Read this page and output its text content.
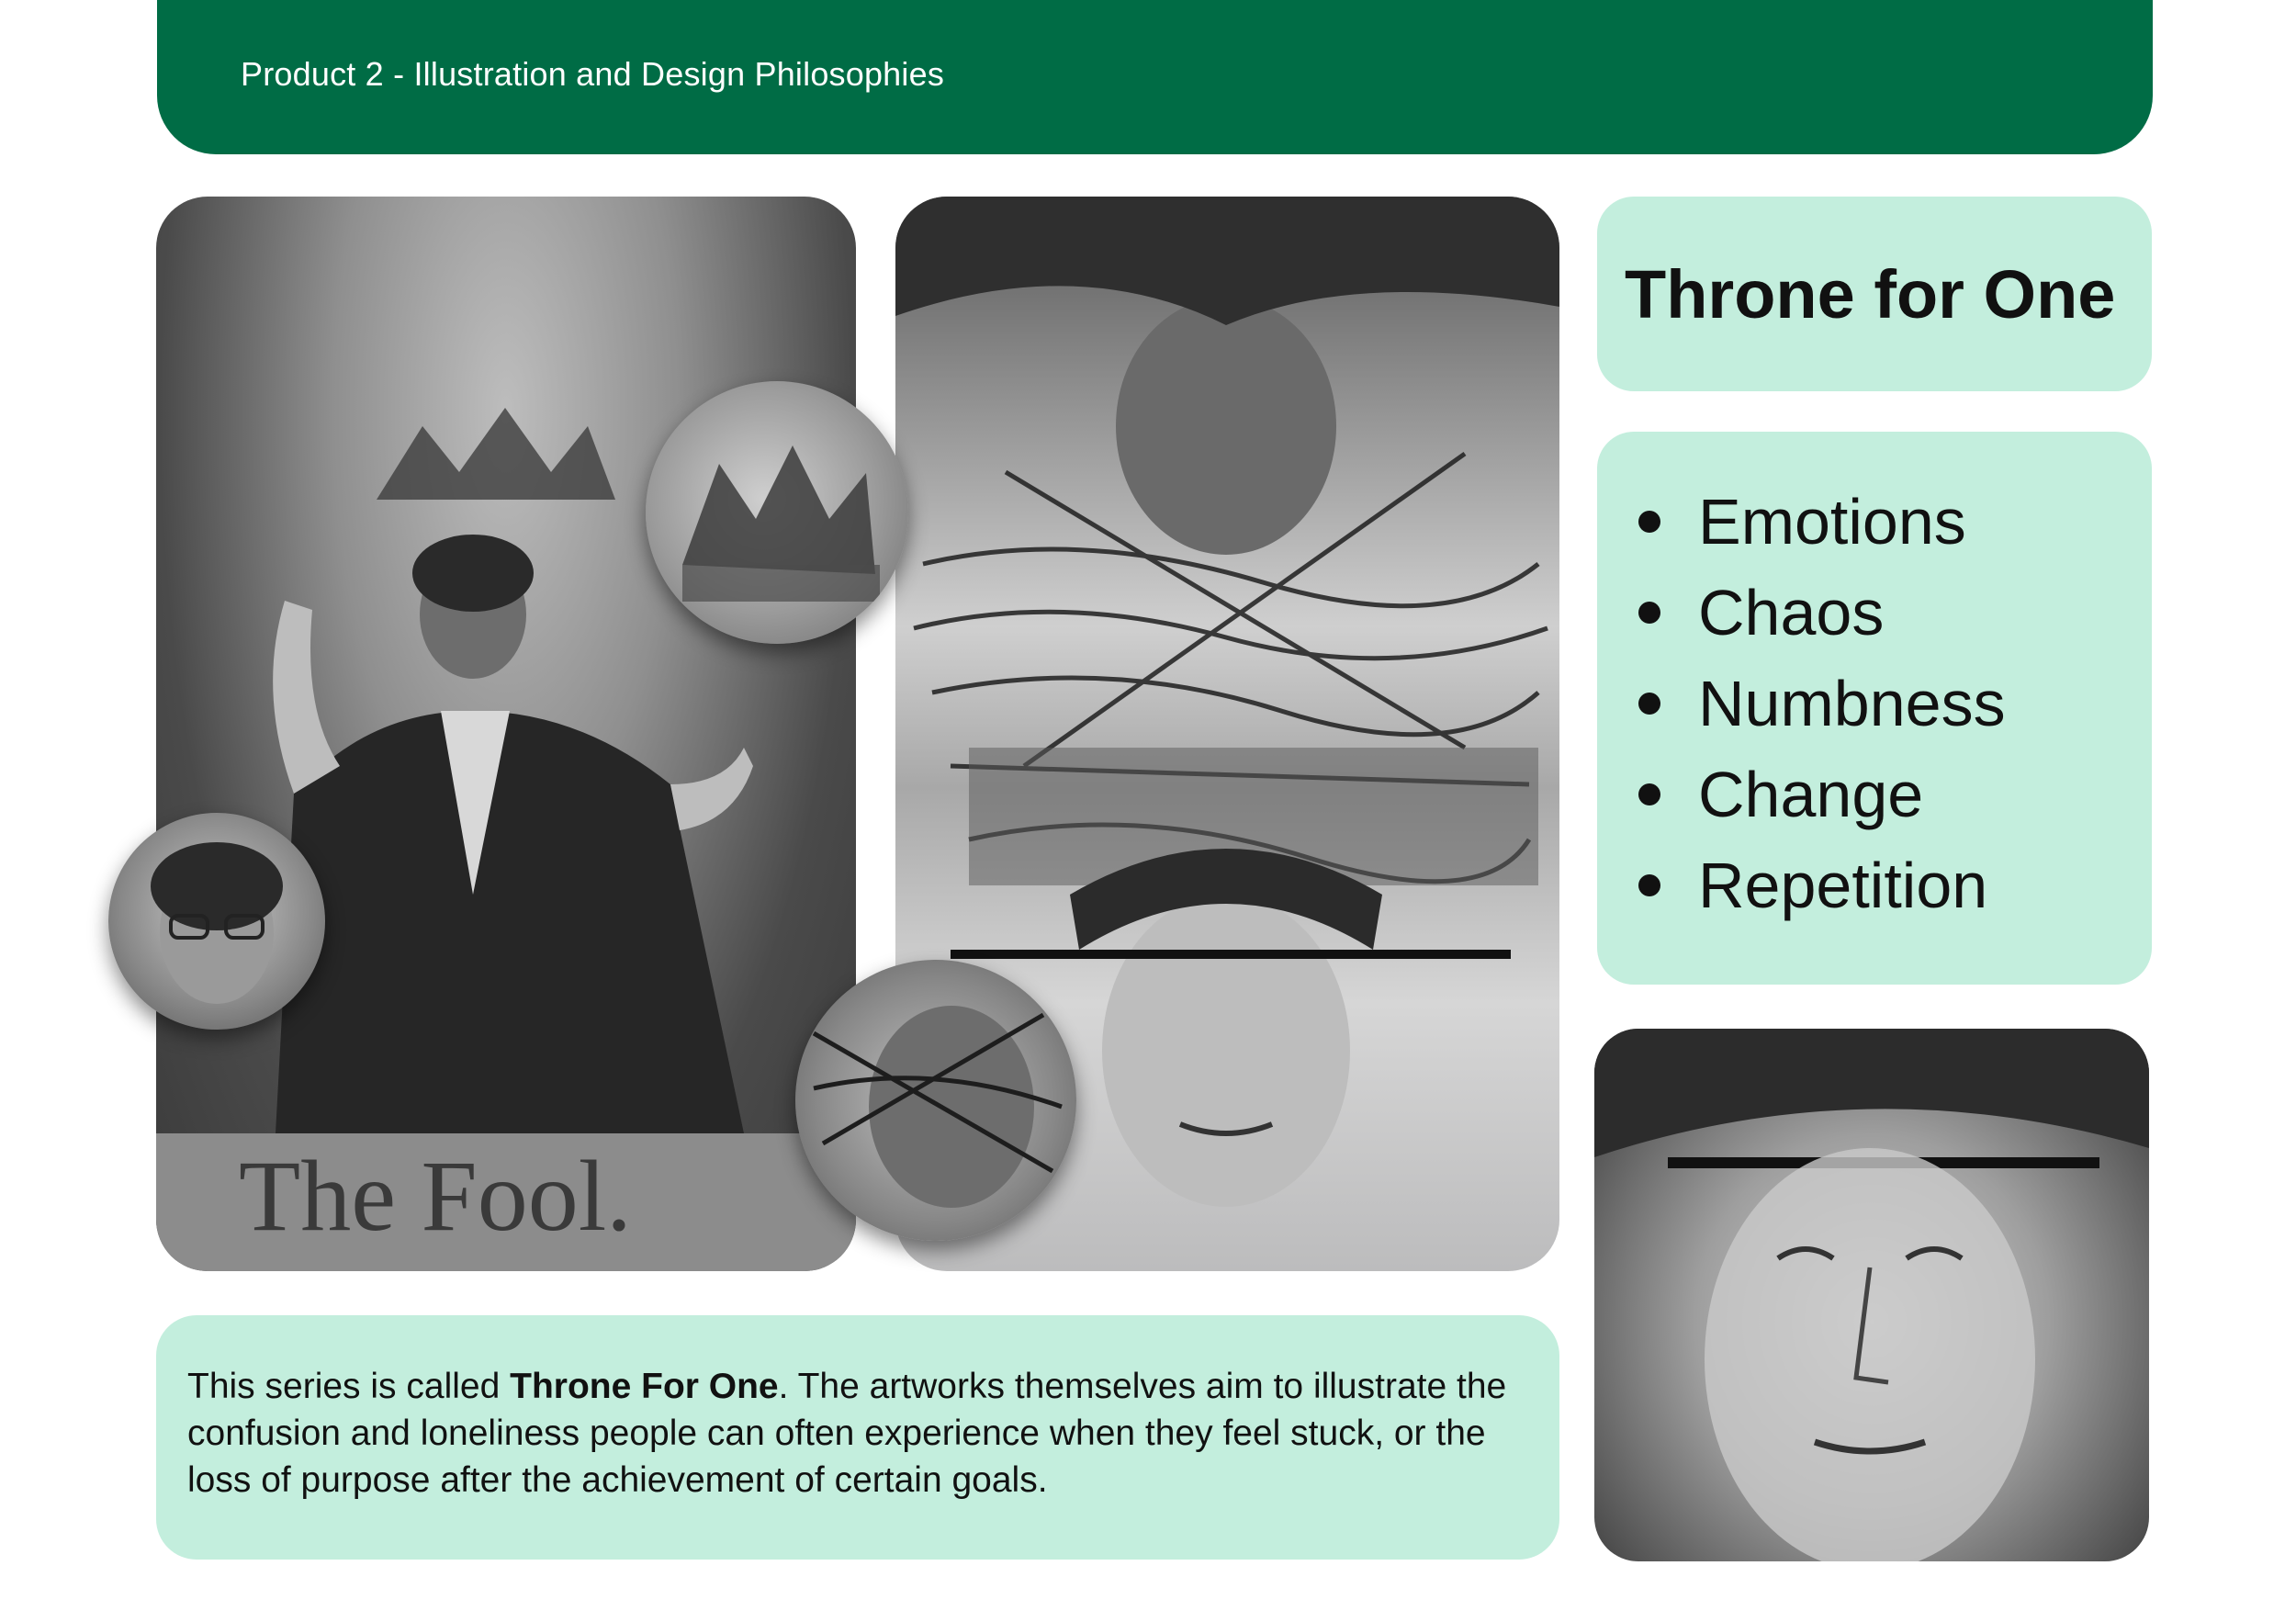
Product 2 - Illustration and Design Philosophies
The Fool.
Throne for One
Emotions
Chaos
Numbness
Change
Repetition
This series is called Throne For One. The artworks themselves aim to illustrate the confusion and loneliness people can often experience when they feel stuck, or the loss of purpose after the achievement of certain goals.
